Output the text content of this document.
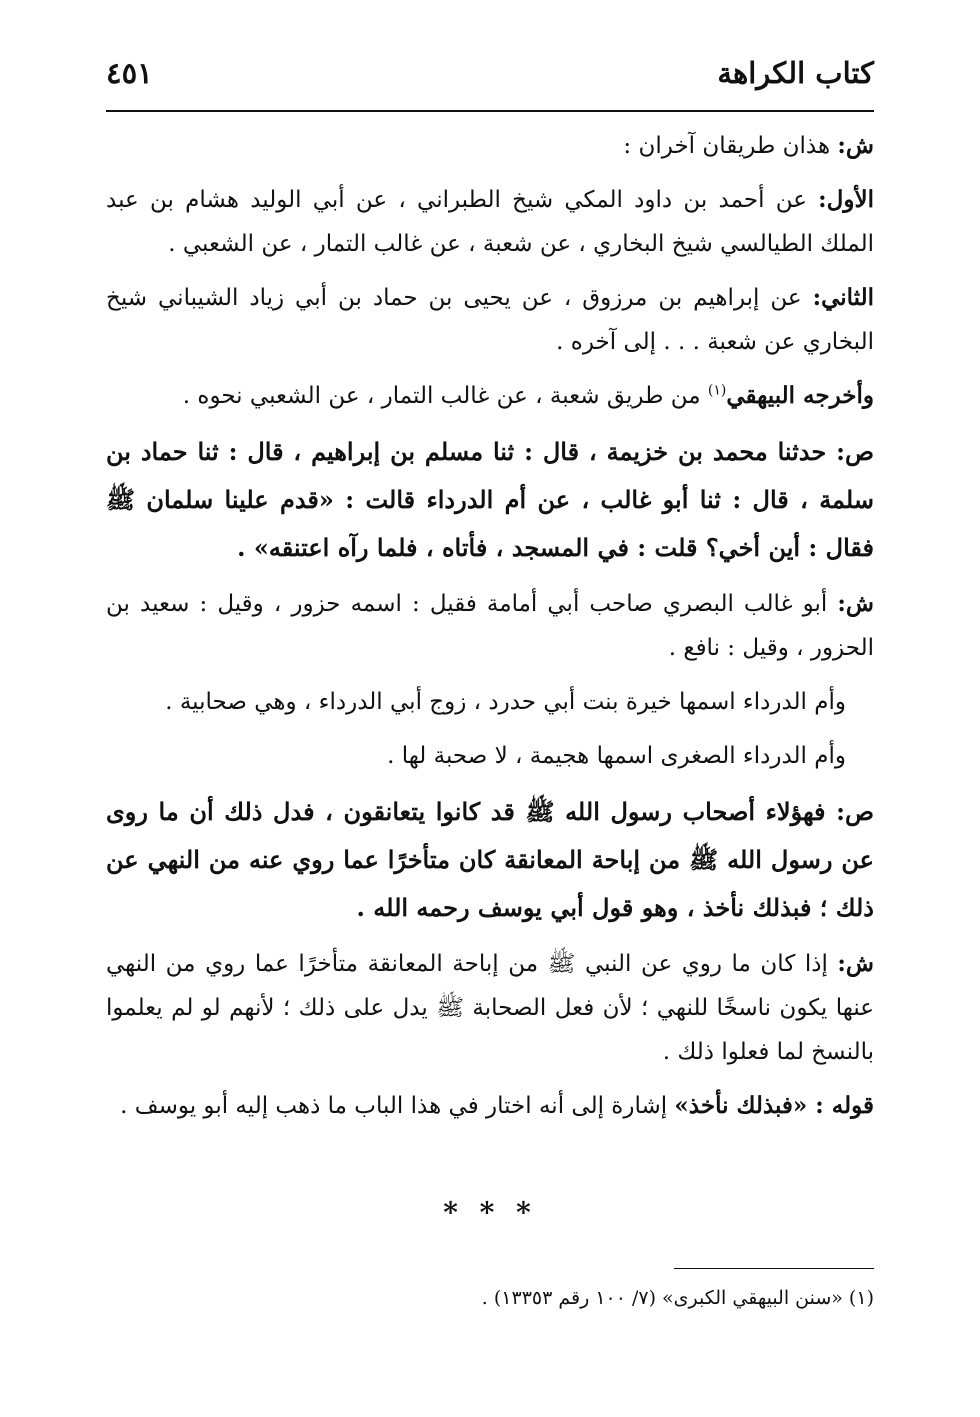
كتاب الكراهة
٤٥١

ش: هذان طريقان آخران :

الأول: عن أحمد بن داود المكي شيخ الطبراني ، عن أبي الوليد هشام بن عبد الملك الطيالسي شيخ البخاري ، عن شعبة ، عن غالب التمار ، عن الشعبي .

الثاني: عن إبراهيم بن مرزوق ، عن يحيى بن حماد بن أبي زياد الشيباني شيخ البخاري عن شعبة . . . إلى آخره .

وأخرجه البيهقي$^{(١)}$ من طريق شعبة ، عن غالب التمار ، عن الشعبي نحوه .

ص: حدثنا محمد بن خزيمة ، قال : ثنا مسلم بن إبراهيم ، قال : ثنا حماد بن سلمة ، قال : ثنا أبو غالب ، عن أم الدرداء قالت : «قدم علينا سلمان ﷺ فقال : أين أخي؟ قلت : في المسجد ، فأتاه ، فلما رآه اعتنقه» .

ش: أبو غالب البصري صاحب أبي أمامة فقيل : اسمه حزور ، وقيل : سعيد بن الحزور ، وقيل : نافع .

وأم الدرداء اسمها خيرة بنت أبي حدرد ، زوج أبي الدرداء ، وهي صحابية .

وأم الدرداء الصغرى اسمها هجيمة ، لا صحبة لها .

ص: فهؤلاء أصحاب رسول الله ﷺ قد كانوا يتعانقون ، فدل ذلك أن ما روى عن رسول الله ﷺ من إباحة المعانقة كان متأخرًا عما روي عنه من النهي عن ذلك ؛ فبذلك نأخذ ، وهو قول أبي يوسف رحمه الله .

ش: إذا كان ما روي عن النبي ﷺ من إباحة المعانقة متأخرًا عما روي من النهي عنها يكون ناسخًا للنهي ؛ لأن فعل الصحابة ﷺ يدل على ذلك ؛ لأنهم لو لم يعلموا بالنسخ لما فعلوا ذلك .

قوله : «فبذلك نأخذ» إشارة إلى أنه اختار في هذا الباب ما ذهب إليه أبو يوسف .

* * *
(١) «سنن البيهقي الكبرى» (٧/ ١٠٠ رقم ١٣٣٥٣) .
